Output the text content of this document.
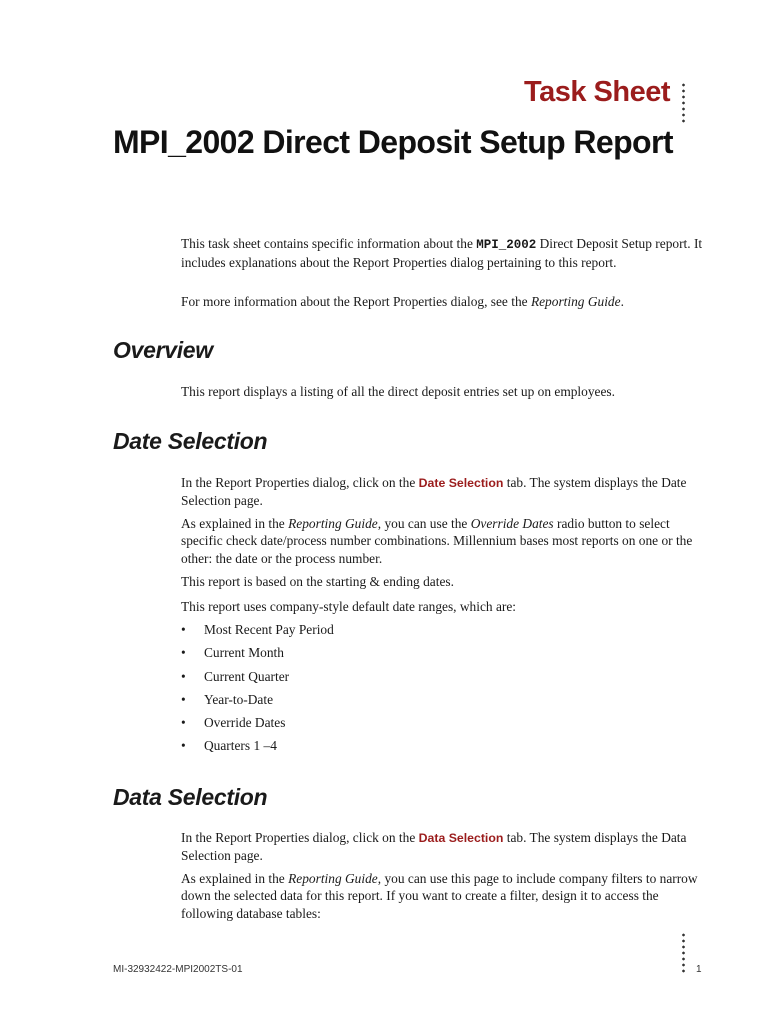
Task Sheet
MPI_2002 Direct Deposit Setup Report

This task sheet contains specific information about the MPI_2002 Direct Deposit Setup report. It includes explanations about the Report Properties dialog pertaining to this report.

For more information about the Report Properties dialog, see the Reporting Guide.

Overview

This report displays a listing of all the direct deposit entries set up on employees.

Date Selection

In the Report Properties dialog, click on the Date Selection tab. The system displays the Date Selection page.

As explained in the Reporting Guide, you can use the Override Dates radio button to select specific check date/process number combinations. Millennium bases most reports on one or the other: the date or the process number.

This report is based on the starting & ending dates.

This report uses company-style default date ranges, which are:

• Most Recent Pay Period
• Current Month
• Current Quarter
• Year-to-Date
• Override Dates
• Quarters 1 –4
Data Selection

In the Report Properties dialog, click on the Data Selection tab. The system displays the Data Selection page.

As explained in the Reporting Guide, you can use this page to include company filters to narrow down the selected data for this report. If you want to create a filter, design it to access the following database tables:

MI-32932422-MPI2002TS-01	1
